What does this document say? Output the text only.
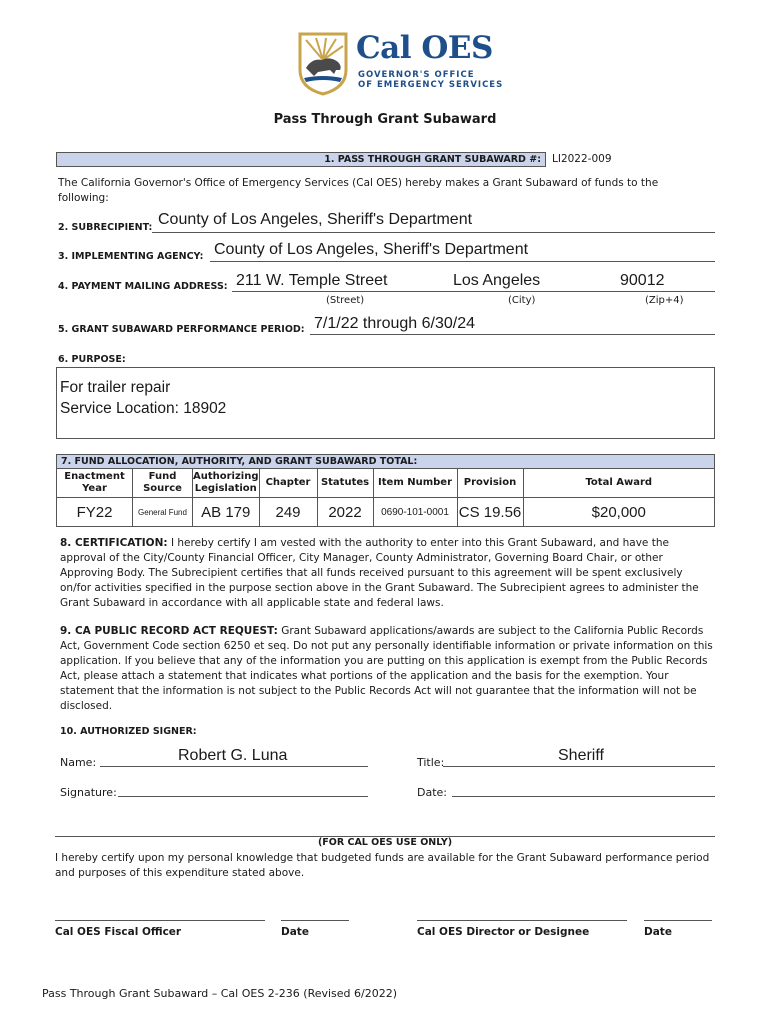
Cal OES
GOVERNOR'S OFFICE
OF EMERGENCY SERVICES
Pass Through Grant Subaward
1. PASS THROUGH GRANT SUBAWARD #: LI2022-009
The California Governor's Office of Emergency Services (Cal OES) hereby makes a Grant Subaward of funds to the following:
2. SUBRECIPIENT: County of Los Angeles, Sheriff's Department
3. IMPLEMENTING AGENCY: County of Los Angeles, Sheriff's Department
4. PAYMENT MAILING ADDRESS: 211 W. Temple Street	Los Angeles	90012
(Street)	(City)	(Zip+4)
5. GRANT SUBAWARD PERFORMANCE PERIOD: 7/1/22 through 6/30/24
6. PURPOSE:
For trailer repair
Service Location: 18902
7. FUND ALLOCATION, AUTHORITY, AND GRANT SUBAWARD TOTAL:							
Enactment Year	Fund Source	Authorizing Legislation	Chapter	Statutes	Item Number	Provision	Total Award
FY22	General Fund	AB 179	249	2022	0690-101-0001	CS 19.56	$20,000
8. CERTIFICATION: I hereby certify I am vested with the authority to enter into this Grant Subaward, and have the approval of the City/County Financial Officer, City Manager, County Administrator, Governing Board Chair, or other Approving Body. The Subrecipient certifies that all funds received pursuant to this agreement will be spent exclusively on/for activities specified in the purpose section above in the Grant Subaward. The Subrecipient agrees to administer the Grant Subaward in accordance with all applicable state and federal laws.
9. CA PUBLIC RECORD ACT REQUEST: Grant Subaward applications/awards are subject to the California Public Records Act, Government Code section 6250 et seq. Do not put any personally identifiable information or private information on this application. If you believe that any of the information you are putting on this application is exempt from the Public Records Act, please attach a statement that indicates what portions of the application and the basis for the exemption. Your statement that the information is not subject to the Public Records Act will not guarantee that the information will not be disclosed.
10. AUTHORIZED SIGNER:
Name:	Robert G. Luna	Title:	Sheriff
Signature:	Date:
(FOR CAL OES USE ONLY)
I hereby certify upon my personal knowledge that budgeted funds are available for the Grant Subaward performance period and purposes of this expenditure stated above.
Cal OES Fiscal Officer	Date	Cal OES Director or Designee	Date
Pass Through Grant Subaward – Cal OES 2-236 (Revised 6/2022)
